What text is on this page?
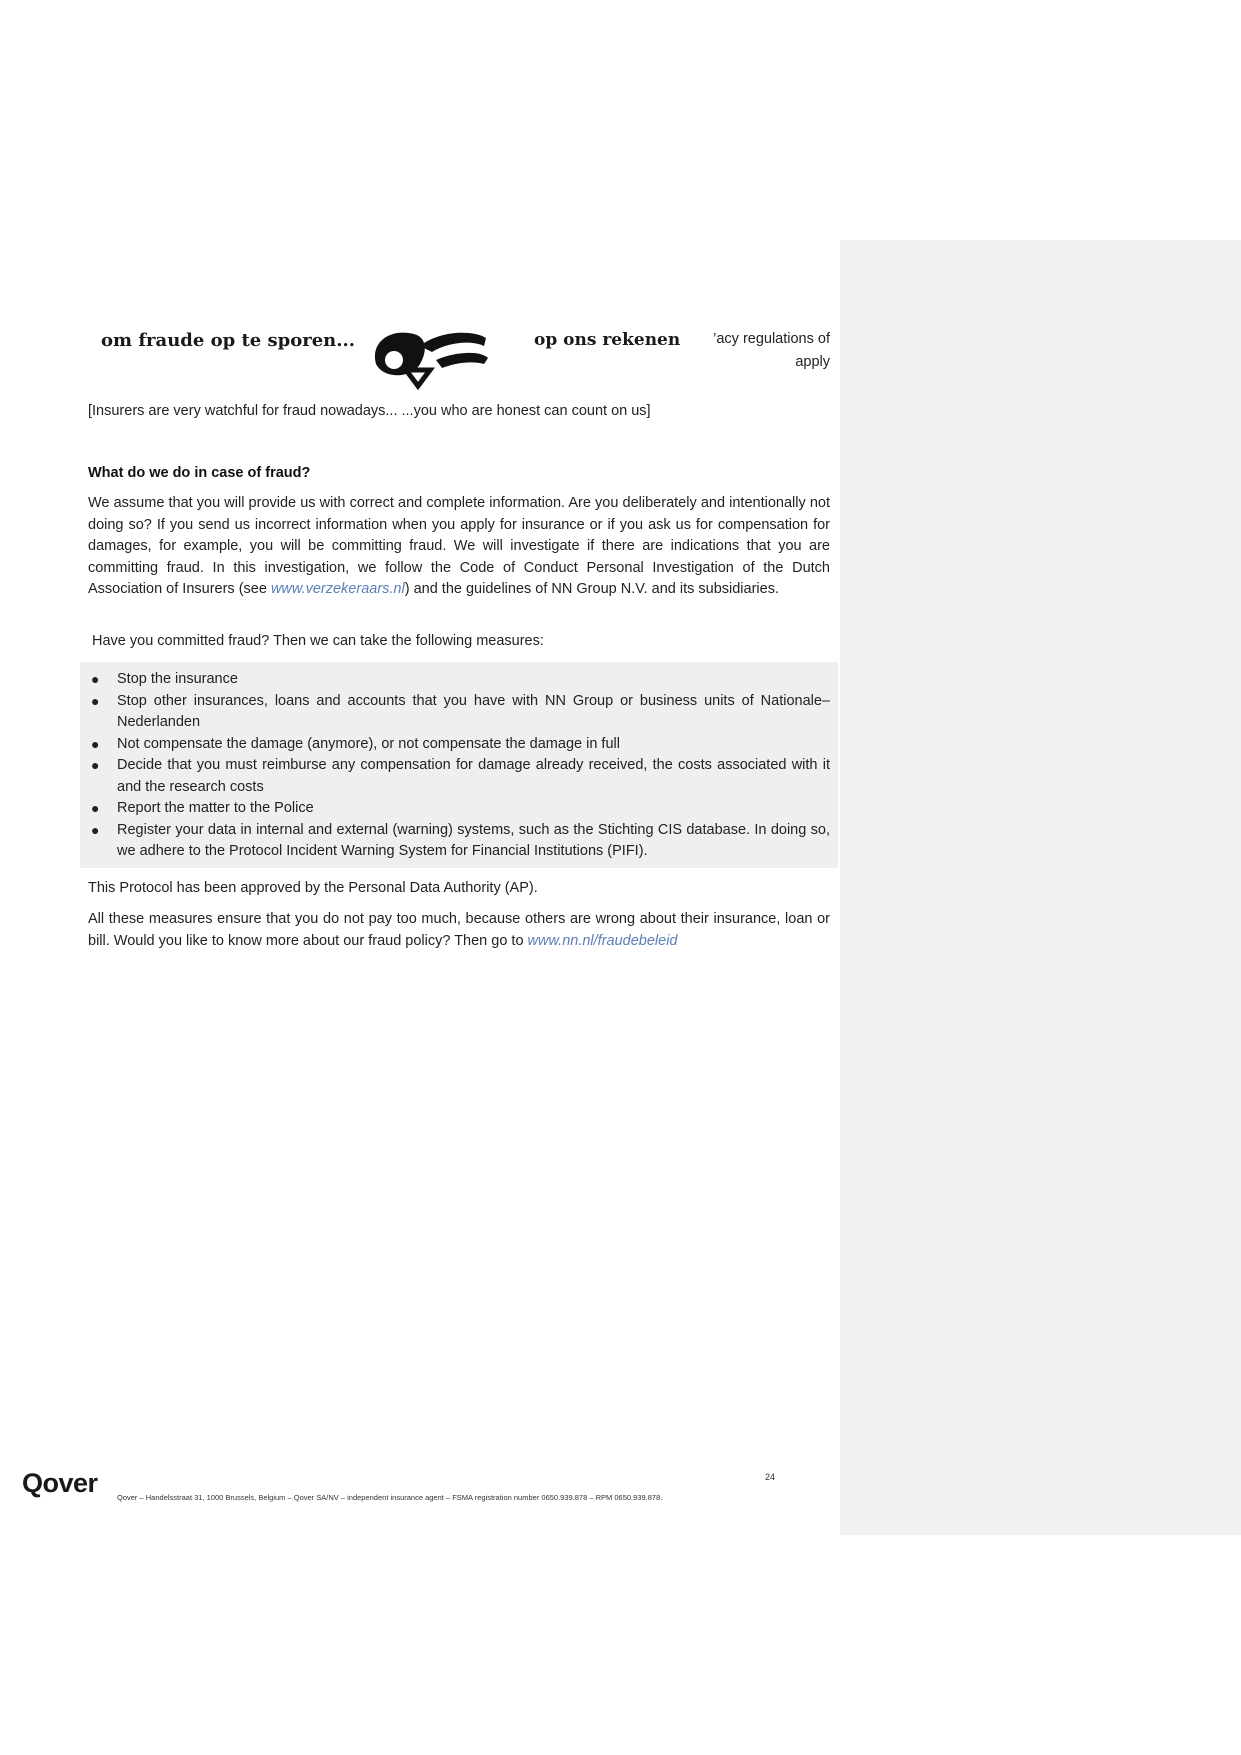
om fraude op te sporen...	op ons rekenen	’acy regulations of
apply
[Insurers are very watchful for fraud nowadays... ...you who are honest can count on us]
What do we do in case of fraud?

We assume that you will provide us with correct and complete information. Are you deliberately and intentionally not doing so? If you send us incorrect information when you apply for insurance or if you ask us for compensation for damages, for example, you will be committing fraud. We will investigate if there are indications that you are committing fraud. In this investigation, we follow the Code of Conduct Personal Investigation of the Dutch Association of Insurers (see www.verzekeraars.nl) and the guidelines of NN Group N.V. and its subsidiaries.

Have you committed fraud? Then we can take the following measures:
● Stop the insurance
● Stop other insurances, loans and accounts that you have with NN Group or business units of Nationale–Nederlanden
● Not compensate the damage (anymore), or not compensate the damage in full
● Decide that you must reimburse any compensation for damage already received, the costs associated with it and the research costs
● Report the matter to the Police
● Register your data in internal and external (warning) systems, such as the Stichting CIS database. In doing so, we adhere to the Protocol Incident Warning System for Financial Institutions (PIFI).
This Protocol has been approved by the Personal Data Authority (AP).

All these measures ensure that you do not pay too much, because others are wrong about their insurance, loan or bill. Would you like to know more about our fraud policy? Then go to www.nn.nl/fraudebeleid

Qover	24
Qover – Handelsstraat 31, 1000 Brussels, Belgium – Qover SA/NV – independent insurance agent – FSMA registration number 0650.939.878 – RPM 0650.939.878.
